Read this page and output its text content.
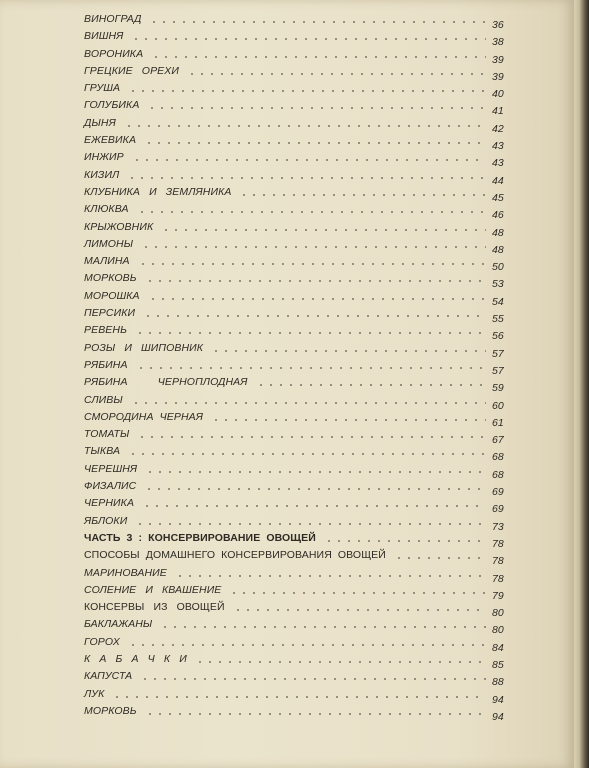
ВИНОГРАД	36
ВИШНЯ	38
ВОРОНИКА	39
ГРЕЦКИЕ   ОРЕХИ	39
ГРУША	40
ГОЛУБИКА	41
ДЫНЯ	42
ЕЖЕВИКА	43
ИНЖИР	43
КИЗИЛ	44
КЛУБНИКА   И   ЗЕМЛЯНИКА	45
КЛЮКВА	46
КРЫЖОВНИК	48
ЛИМОНЫ	48
МАЛИНА	50
МОРКОВЬ	53
МОРОШКА	54
ПЕРСИКИ	55
РЕВЕНЬ	56
РОЗЫ   И   ШИПОВНИК	57
РЯБИНА	57
РЯБИНА          ЧЕРНОПЛОДНАЯ	59
СЛИВЫ	60
СМОРОДИНА  ЧЕРНАЯ	61
ТОМАТЫ	67
ТЫКВА	68
ЧЕРЕШНЯ	68
ФИЗАЛИС	69
ЧЕРНИКА	69
ЯБЛОКИ	73
ЧАСТЬ  3  :  КОНСЕРВИРОВАНИЕ  ОВОЩЕЙ	78
СПОСОБЫ  ДОМАШНЕГО  КОНСЕРВИРОВАНИЯ  ОВОЩЕЙ	78
МАРИНОВАНИЕ	78
СОЛЕНИЕ   И   КВАШЕНИЕ	79
КОНСЕРВЫ   ИЗ   ОВОЩЕЙ	80
БАКЛАЖАНЫ	80
ГОРОХ	84
К   А   Б   А   Ч   К   И	85
КАПУСТА	88
ЛУК	94
МОРКОВЬ	94
